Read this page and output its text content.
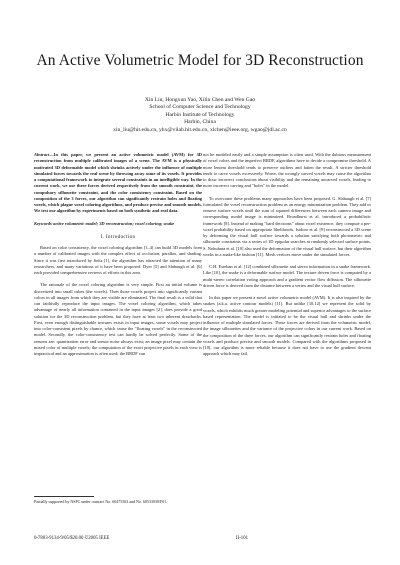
An Active Volumetric Model for 3D Reconstruction
Xin Liu, Hongxun Yao, Xilin Chen and Wen Gao
School of Computer Science and Technology
Harbin Institute of Technology
Harbin, China
xin_liu@hit.edu.cn, yhx@vilab.hit.edu.cn, xlchen@ieee.org, wgao@jdl.ac.cn

Abstract—In this paper, we present an active volumetric model (AVM) for 3D reconstruction from multiple calibrated images of a scene. The AVM is a physically motivated 3D deformable model which shrinks actively under the influence of multiple simulated forces towards the real scene by throwing away some of its voxels. It provides a computational framework to integrate several constraints in an intelligible way. In the current work, we use three forces derived respectively from the smooth constraint, the compulsory silhouette constraint, and the color consistency constraint. Based on the composition of the 3 forces, our algorithm can significantly restrain holes and floating voxels, which plague voxel coloring algorithms, and produce precise and smooth models. We test our algorithm by experiments based on both synthetic and real data.

Keywords-active volumetric model; 3D reconstruction; voxel coloring; snake

I. Introduction

Based on color consistency, the voxel coloring algorithm [1–4] can build 3D models from a number of calibrated images with the complex effect of occlusion, parallax, and shading. Since it was first introduced by Seitz [1], the algorithm has attracted the attention of many researchers, and many variations of it have been proposed. Dyer [5] and Slabaugh et al. [6] each provided comprehensive reviews of efforts in this area.

The rationale of the voxel coloring algorithm is very simple. First an initial volume is discretized into small cubes (the voxels). Then those voxels project into significantly variant colors in all images from which they are visible are eliminated. The final result is a solid that can faithfully reproduce the input images. The voxel coloring algorithm, which takes advantage of nearly all information contained in the input images [2], does provide a good solution for the 3D reconstruction problem, but they have at least two inherent drawbacks. First, even enough distinguishable textures exists in input images, some voxels may project into color-consistent pixels by chance, which cause the "floating voxels" in the reconstructed model. Secondly, the color-consistency test can hardly be solved perfectly. Some of the reasons are: quantization error and sensor noise always exist; an image pixel may contain the mixed color of multiple voxels; the computation of the exact projective pixels in each view is impractical and an approximation is often used; the BRDF can

not be modeled easily and a simple assumption is often used. With the dubious measurement of voxel colors and the imperfect BRDF, algorithms have to decide a compromise threshold. A more lenient threshold tends to preserve outliers and fatten the result. A stricter threshold tends to carve voxels excessively. Worse, the wrongly carved voxels may cause the algorithm to draw incorrect conclusions about visibility and the remaining uncarved voxels, leading to more incorrect carving and "holes" in the model.

To overcome these problems many approaches have been proposed. G. Slabaugh et al. [7] formulated the voxel reconstruction problem as an energy minimization problem. They add or remove surface voxels until the sum of squared differences between each camera image and corresponding model image is minimized. Broadhurst et al. introduced a probabilistic framework [8]. Instead of making "hard decisions" about voxel existence, they compute a per-voxel probability based on appropriate likelihoods. Isidoro et al. [9] reconstructed a 3D scene by deforming the visual hull surface towards a solution satisfying both photometric and silhouette constraints via a series of 1D epipolar searches at randomly selected surface points. S. Nobuhara et al. [10] also used the deformation of the visual hull surface, but their algorithm works in a snake-like fashion [11]. Mesh vertices move under the simulated forces.

C.H. Esteban et al. [12] combined silhouette and stereo information in a snake framework. Like [10], the snake is a deformable surface model. The texture driven force is computed by a multi-stereo correlation voting approach and a gradient vector flow diffusion. The silhouette driven force is derived from the distance between a vertex and the visual hull surface.

In this paper we present a novel active volumetric model (AVM). It is also inspired by the snakes (a.k.a. active contour models) [11]. But unlike [10,12] we represent the solid by voxels, which exhibits much greater modeling potential and superior advantages to the surface based representation. The model is initiated to be the visual hull and shrinks under the influence of multiple simulated forces. These forces are derived from the volumetric model, the image silhouettes and the variance of the projective colors in our current work. Based on the composition of the three forces, our algorithm can significantly restrain holes and floating voxels and produce precise and smooth models. Compared with the algorithms proposed in [10], our algorithm is more reliable because it does not have to use the gradient descent approach which may fail.

Partially supported by NSFC under contract No. 60475363 and No. 60533030/F01.
0-7803-9134-9/05/$20.00 ©2005 IEEE	II-101
